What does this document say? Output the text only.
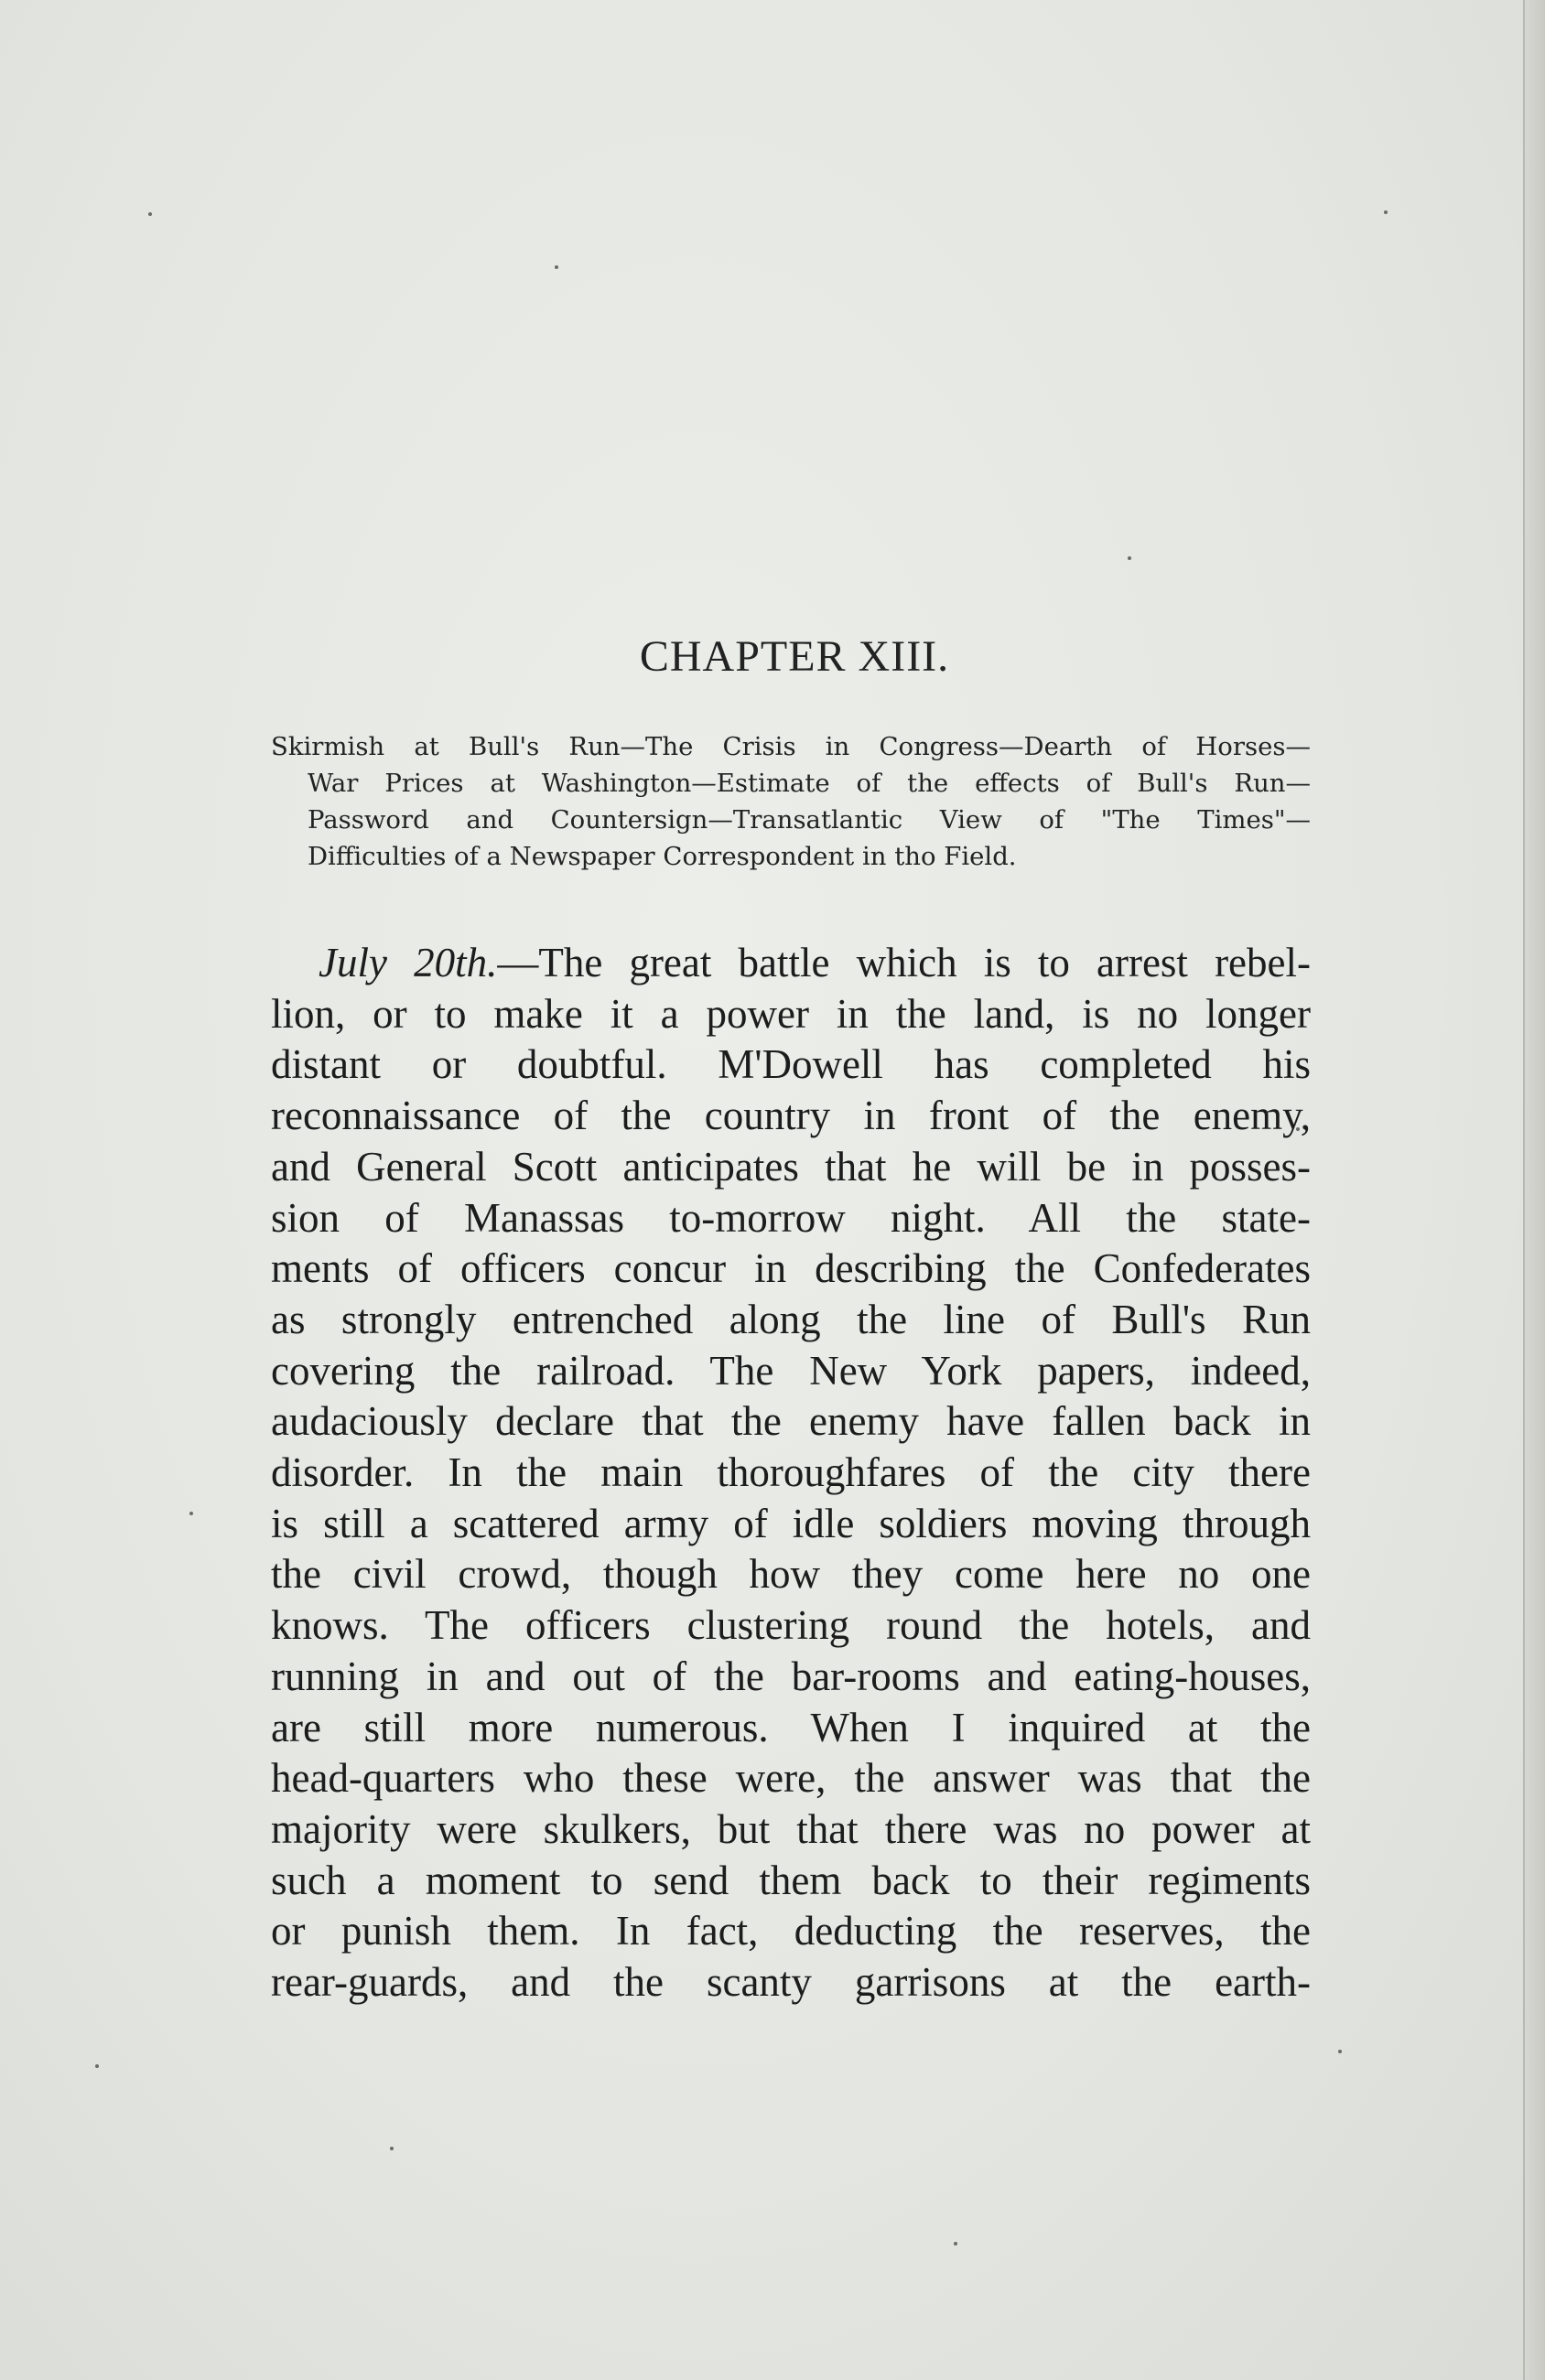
CHAPTER XIII.
Skirmish at Bull's Run—The Crisis in Congress—Dearth of Horses—
War Prices at Washington—Estimate of the effects of Bull's Run—
Password and Countersign—Transatlantic View of "The Times"—
Difficulties of a Newspaper Correspondent in tho Field.
July 20th.—The great battle which is to arrest rebel-
lion, or to make it a power in the land, is no longer
distant or doubtful. M'Dowell has completed his
reconnaissance of the country in front of the enemy,
and General Scott anticipates that he will be in posses-
sion of Manassas to-morrow night. All the state-
ments of officers concur in describing the Confederates
as strongly entrenched along the line of Bull's Run
covering the railroad. The New York papers, indeed,
audaciously declare that the enemy have fallen back in
disorder. In the main thoroughfares of the city there
is still a scattered army of idle soldiers moving through
the civil crowd, though how they come here no one
knows. The officers clustering round the hotels, and
running in and out of the bar-rooms and eating-houses,
are still more numerous. When I inquired at the
head-quarters who these were, the answer was that the
majority were skulkers, but that there was no power at
such a moment to send them back to their regiments
or punish them. In fact, deducting the reserves, the
rear-guards, and the scanty garrisons at the earth-
